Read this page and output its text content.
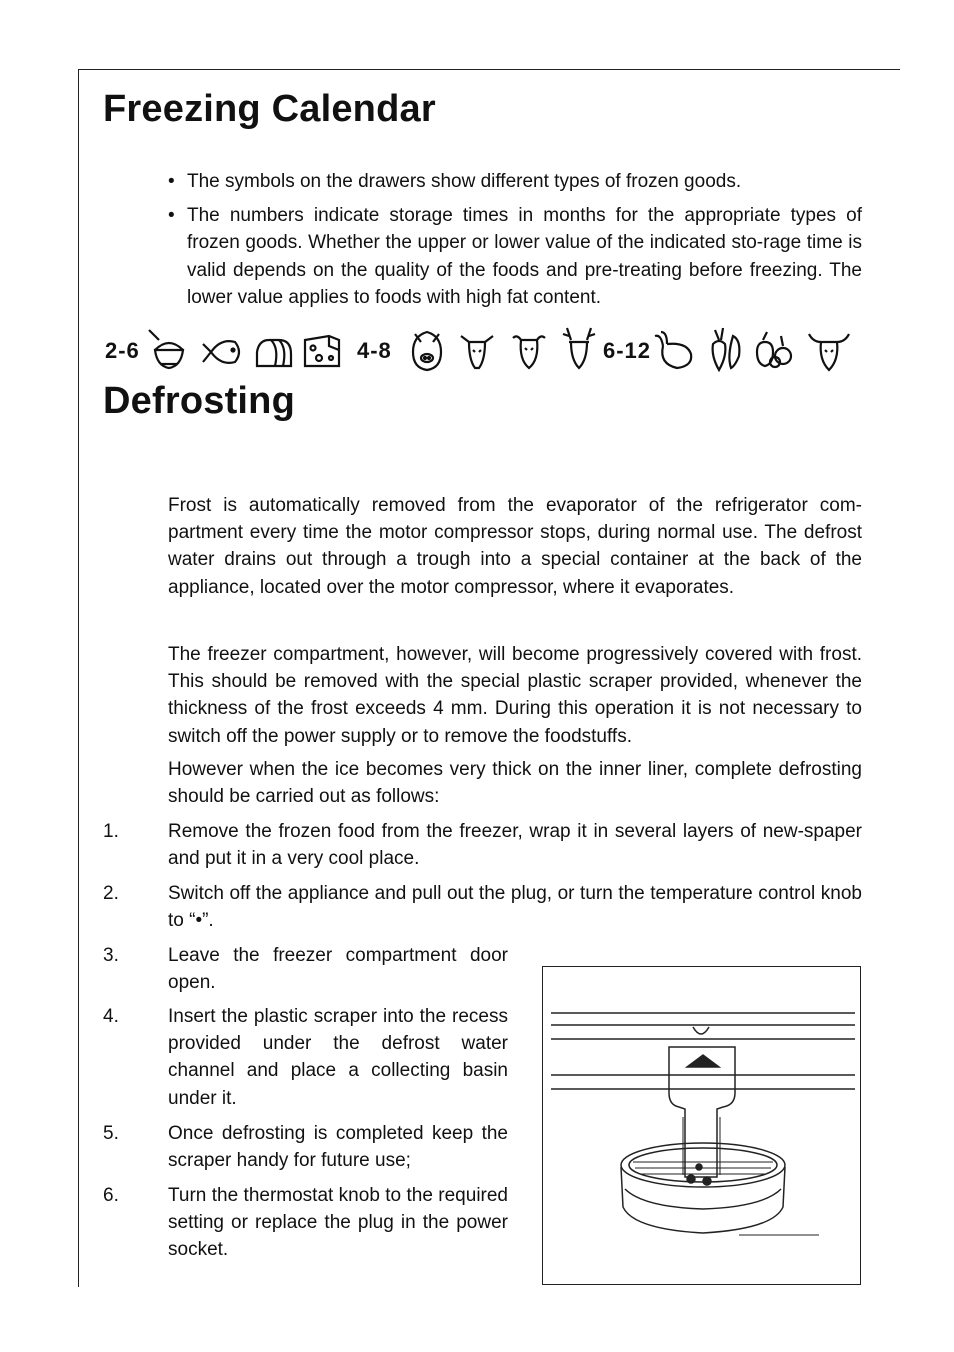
Freezing Calendar
• The symbols on the drawers show different types of frozen goods.
• The numbers indicate storage times in months for the appropriate types of frozen goods. Whether the upper or lower value of the indicated sto-rage time is valid depends on the quality of the foods and pre-treating before freezing. The lower value applies to foods with high fat content.
2-6	4-8	6-12
Defrosting

Frost is automatically removed from the evaporator of the refrigerator com-partment every time the motor compressor stops, during normal use. The defrost water drains out through a trough into a special container at the back of the appliance, located over the motor compressor, where it evaporates.

The freezer compartment, however, will become progressively covered with frost. This should be removed with the special plastic scraper provided, whenever the thickness of the frost exceeds 4 mm. During this operation it is not necessary to switch off the power supply or to remove the foodstuffs.

However when the ice becomes very thick on the inner liner, complete defrosting should be carried out as follows:

1.	Remove the frozen food from the freezer, wrap it in several layers of new-spaper and put it in a very cool place.
2.	Switch off the appliance and pull out the plug, or turn the temperature control knob to “•”.
3.	Leave the freezer compartment door open.
4.	Insert the plastic scraper into the recess provided under the defrost water channel and place a collecting basin under it.
5.	Once defrosting is completed keep the scraper handy for future use;
6.	Turn the thermostat knob to the required setting or replace the plug in the power socket.
